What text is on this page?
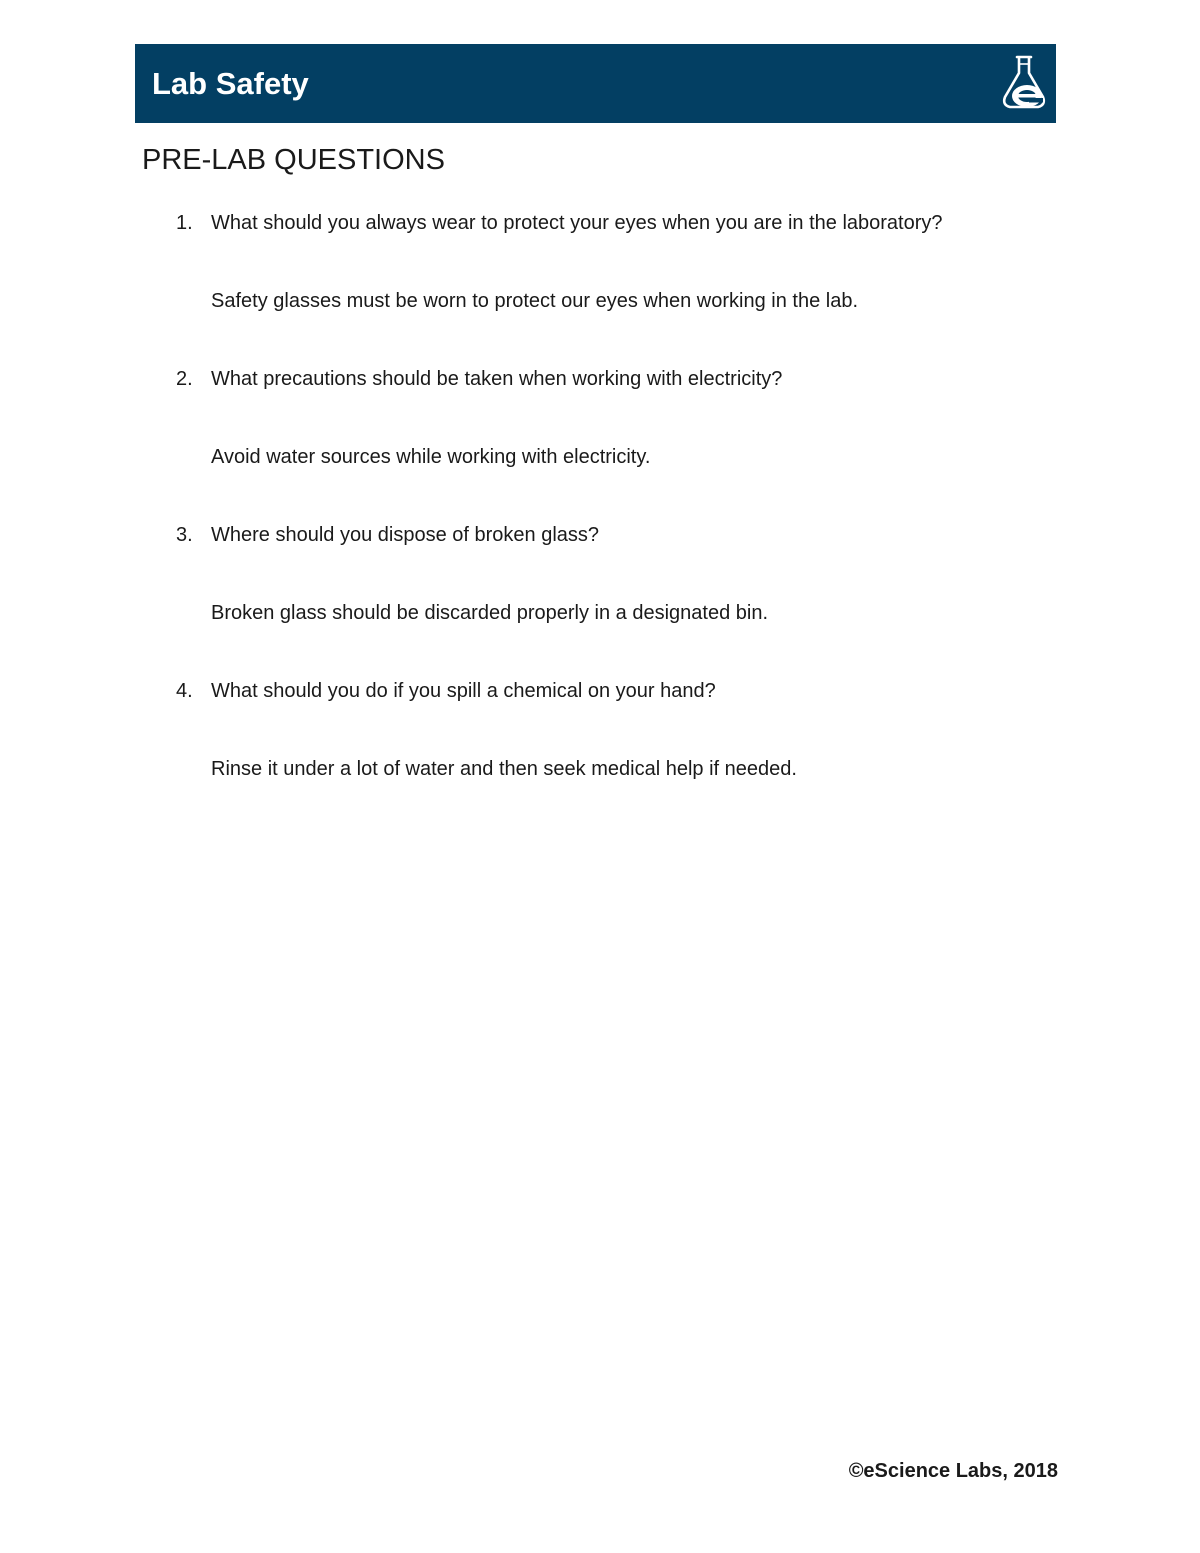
Lab Safety
PRE-LAB QUESTIONS
1. What should you always wear to protect your eyes when you are in the laboratory?
Safety glasses must be worn to protect our eyes when working in the lab.
2. What precautions should be taken when working with electricity?
Avoid water sources while working with electricity.
3. Where should you dispose of broken glass?
Broken glass should be discarded properly in a designated bin.
4. What should you do if you spill a chemical on your hand?
Rinse it under a lot of water and then seek medical help if needed.
©eScience Labs, 2018
